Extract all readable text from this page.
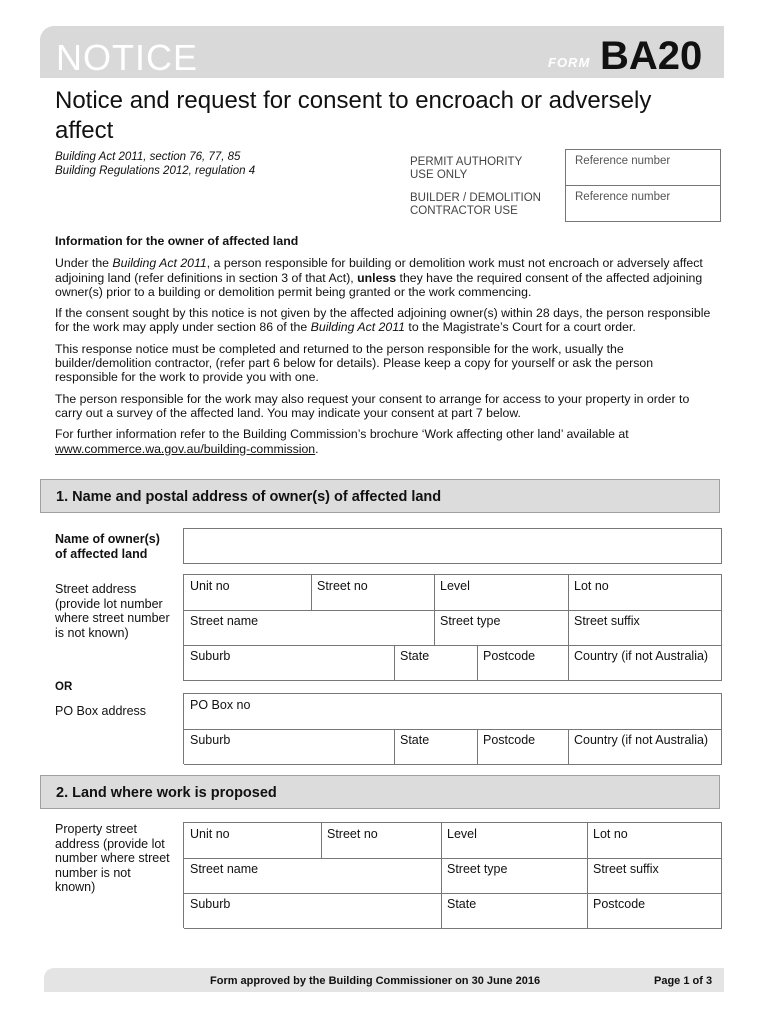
NOTICE	FORM BA20
Notice and request for consent to encroach or adversely affect
Building Act 2011, section 76, 77, 85
Building Regulations 2012, regulation 4
PERMIT AUTHORITY
USE ONLY
BUILDER / DEMOLITION
CONTRACTOR USE
Reference number
Reference number
Information for the owner of affected land

Under the Building Act 2011, a person responsible for building or demolition work must not encroach or adversely affect adjoining land (refer definitions in section 3 of that Act), unless they have the required consent of the affected adjoining owner(s) prior to a building or demolition permit being granted or the work commencing.

If the consent sought by this notice is not given by the affected adjoining owner(s) within 28 days, the person responsible for the work may apply under section 86 of the Building Act 2011 to the Magistrate’s Court for a court order.

This response notice must be completed and returned to the person responsible for the work, usually the builder/demolition contractor, (refer part 6 below for details). Please keep a copy for yourself or ask the person responsible for the work to provide you with one.

The person responsible for the work may also request your consent to arrange for access to your property in order to carry out a survey of the affected land. You may indicate your consent at part 7 below.

For further information refer to the Building Commission’s brochure ‘Work affecting other land’ available at www.commerce.wa.gov.au/building-commission.

1. Name and postal address of owner(s) of affected land
Name of owner(s)
of affected land
Street address
(provide lot number
where street number
is not known)
Unit no	Street no	Level	Lot no
Street name	Street type	Street suffix
Suburb	State	Postcode	Country (if not Australia)
OR
PO Box address	PO Box no
Suburb	State	Postcode	Country (if not Australia)
2. Land where work is proposed
Property street
address (provide lot
number where street
number is not
known)
Unit no	Street no	Level	Lot no
Street name	Street type	Street suffix
Suburb	State	Postcode
Form approved by the Building Commissioner on 30 June 2016	Page 1 of 3
